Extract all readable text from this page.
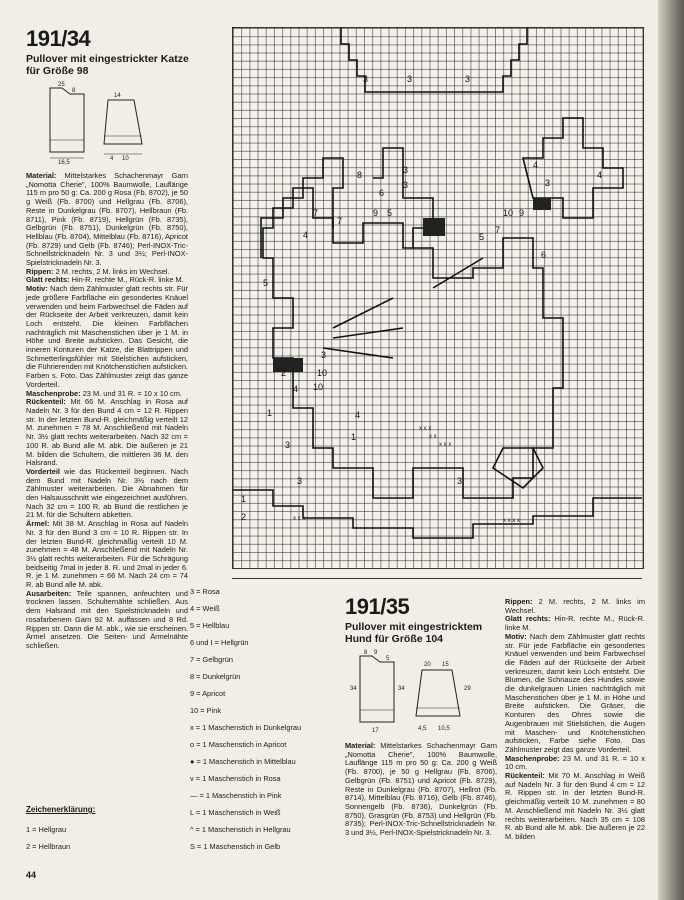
191/34
Pullover mit eingestrickter Katze für Größe 98
25
8
14
16,5
4 10

Material: Mittelstarkes Schachenmayr Garn „Nomotta Cherie", 100% Baumwolle, Lauflänge 115 m pro 50 g: Ca. 200 g Rosa (Fb. 8702), je 50 g Weiß (Fb. 8700) und Hellgrau (Fb. 8706), Reste in Dunkelgrau (Fb. 8707), Hellbraun (Fb. 8711), Pink (Fb. 8719), Hellgrün (Fb. 8735), Gelbgrün (Fb. 8751), Dunkelgrün (Fb. 8750), Hellblau (Fb. 8704), Mittelblau (Fb. 8716), Apricot (Fb. 8729) und Gelb (Fb. 8746); Perl-INOX-Tric-Schnellstricknadeln Nr. 3 und 3½; Perl-INOX-Spielstricknadeln Nr. 3.

Rippen: 2 M. rechts, 2 M. links im Wechsel.

Glatt rechts: Hin-R. rechte M., Rück-R. linke M.

Motiv: Nach dem Zählmuster glatt rechts str. Für jede größere Farbfläche ein gesondertes Knäuel verwenden und beim Farbwechsel die Fäden auf der Rückseite der Arbeit verkreuzen, damit kein Loch entsteht. Die kleinen Farbflächen nachträglich mit Maschenstichen über je 1 M. in Höhe und Breite aufsticken. Das Gesicht, die inneren Konturen der Katze, die Blattrippen und Schmetterlingsfühler mit Stielstichen aufsticken, die Führierenden mit Knötchenstichen aufsticken. Farben s. Foto. Das Zählmuster zeigt das ganze Vorderteil.

Maschenprobe: 23 M. und 31 R. = 10 x 10 cm.

Rückenteil: Mit 66 M. Anschlag in Rosa auf Nadeln Nr. 3 für den Bund 4 cm = 12 R. Rippen str. In der letzten Bund-R. gleichmäßig verteilt 12 M. zunehmen = 78 M. Anschließend mit Nadeln Nr. 3½ glatt rechts weiterarbeiten. Nach 32 cm = 100 R. ab Bund alle M. abk. Die äußeren je 21 M. bilden die Schultern, die mittleren 36 M. den Halsrand.

Vorderteil wie das Rückenteil beginnen. Nach dem Bund mit Nadeln Nr. 3½ nach dem Zählmuster weiterarbeiten. Die Abnahmen für den Halsausschnitt wie eingezeichnet ausführen. Nach 32 cm = 100 R. ab Bund die restlichen je 21 M. für die Schultern abketten.

Ärmel: Mit 38 M. Anschlag in Rosa auf Nadeln Nr. 3 für den Bund 3 cm = 10 R. Rippen str. In der letzten Bund-R. gleichmäßig verteilt 10 M. zunehmen = 48 M. Anschließend mit Nadeln Nr. 3½ glatt rechts weiterarbeiten. Für die Schrägung beidseitig 7mal in jeder 8. R. und 2mal in jeder 6. R. je 1 M. zunehmen = 66 M. Nach 24 cm = 74 R. ab Bund alle M. abk.

Ausarbeiten: Teile spannen, anfeuchten und trocknen lassen. Schulternähte schließen. Aus dem Halsrand mit den Spielstricknadeln und rosafarbenem Garn 92 M. auffassen und 8 Rd. Rippen str. Dann die M. abk., wie sie erscheinen. Ärmel ansetzen. Die Seiten- und Ärmelnähte schließen.

Zeichenerklärung:
1 = Hellgrau
2 = Hellbraun
3 = Rosa
4 = Weiß
5 = Hellblau
6 und I = Hellgrün
7 = Gelbgrün
8 = Dunkelgrün
9 = Apricot
10 = Pink
x = 1 Maschenstich in Dunkelgrau
o = 1 Maschenstich in Apricot
● = 1 Maschenstich in Mittelblau
v = 1 Maschenstich in Rosa
— = 1 Maschenstich in Pink
L = 1 Maschenstich in Weiß
^ = 1 Maschenstich in Hellgrau
S = 1 Maschenstich in Gelb
3	3	3
3
8
6
3
9 5	10 9
3
4
4
7
7
7
5
10
4
3	3
4
1
1
1
2
2
5
4
6
3
3
10
x x x
x x
x x x
x x x	x x x x
191/35
Pullover mit eingestricktem Hund für Größe 104
8 9
5
20 15
34	34	29
17	4,5 10,5

Material: Mittelstarkes Schachenmayr Garn „Nomotta Cherie", 100% Baumwolle, Lauflänge 115 m pro 50 g: Ca. 200 g Weiß (Fb. 8700), je 50 g Hellgrau (Fb. 8706), Gelbgrün (Fb. 8751) und Apricot (Fb. 8729), Reste in Dunkelgrau (Fb. 8707), Hellrot (Fb. 8714), Mittelblau (Fb. 8716), Gelb (Fb. 8746), Sonnengelb (Fb. 8736), Dunkelgrün (Fb. 8750), Grasgrün (Fb. 8753) und Hellgrün (Fb. 8735); Perl-INOX-Tric-Schnellstricknadeln Nr. 3 und 3½, Perl-INOX-Spielstricknadeln Nr. 3.

Rippen: 2 M. rechts, 2 M. links im Wechsel.

Glatt rechts: Hin-R. rechte M., Rück-R. linke M.

Motiv: Nach dem Zählmuster glatt rechts str. Für jede Farbfläche ein gesondertes Knäuel verwenden und beim Farbwechsel die Fäden auf der Rückseite der Arbeit verkreuzen, damit kein Loch entsteht. Die Blumen, die Schnauze des Hundes sowie die dunkelgrauen Linien nachträglich mit Maschenstichen über je 1 M. in Höhe und Breite aufsticken. Die Gräser, die Konturen des Ohres sowie die Augenbrauen mit Stielstichen, die Augen mit Maschen- und Knötchenstichen aufsticken, Farbe siehe Foto. Das Zählmuster zeigt das ganze Vorderteil.

Maschenprobe: 23 M. und 31 R. = 10 x 10 cm.

Rückenteil: Mit 70 M. Anschlag in Weiß auf Nadeln Nr. 3 für den Bund 4 cm = 12 R. Rippen str. In der letzten Bund-R. gleichmäßig verteilt 10 M. zunehmen = 80 M. Anschließend mit Nadeln Nr. 3½ glatt rechts weiterarbeiten. Nach 35 cm = 108 R. ab Bund alle M. abk. Die äußeren je 22 M. bilden

44
